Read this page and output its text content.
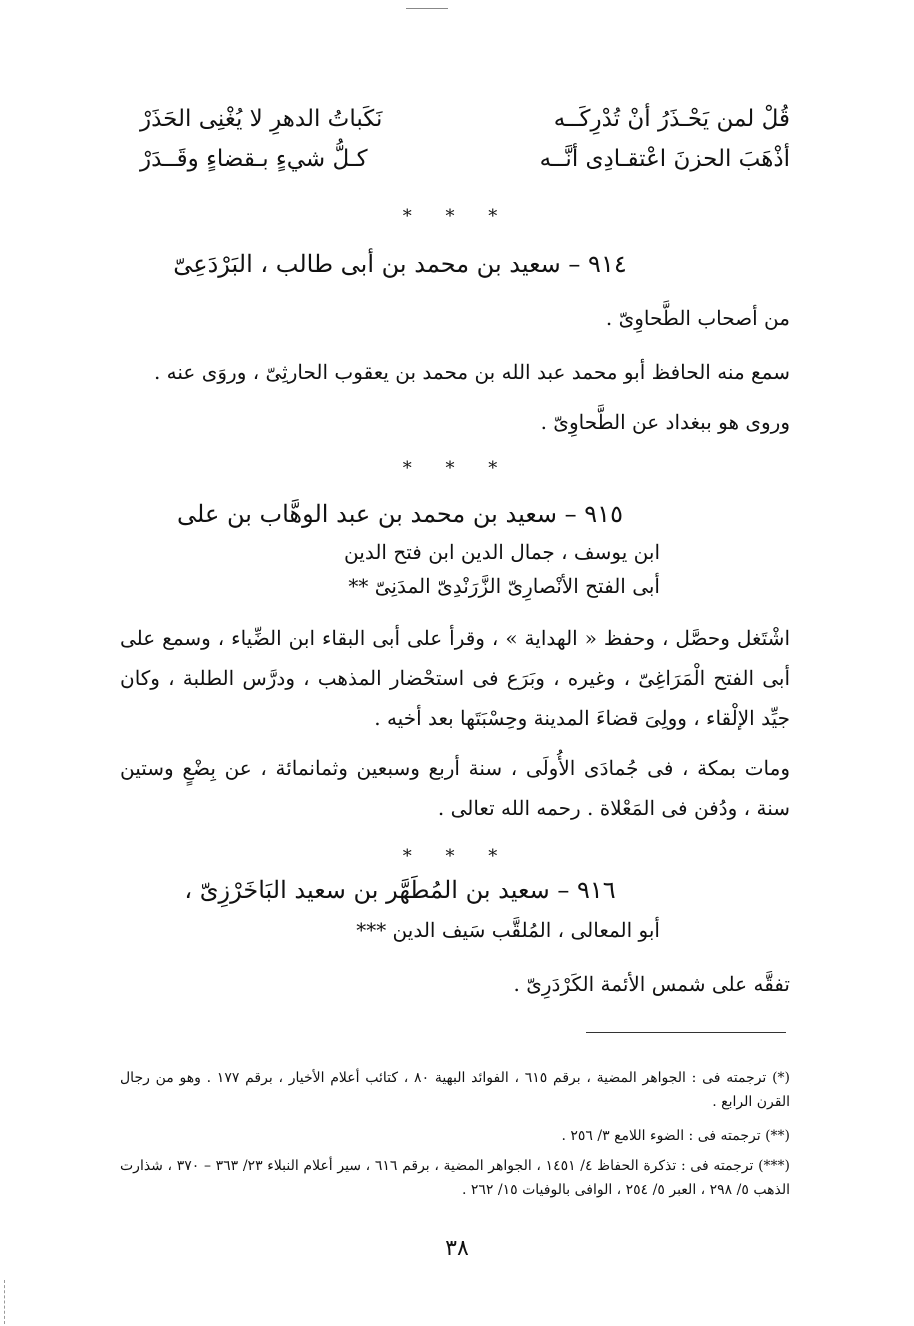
قُلْ لمن يَحْـذَرُ أنْ تُدْرِكَــه
نَكَباتُ الدهرِ لا يُغْنِى الحَذَرْ
أذْهَبَ الحزنَ اعْتقـادِى أنَّــه
كـلُّ شيءٍ بـقضاءٍ وقَــدَرْ
* * *
٩١٤ – سعيد بن محمد بن أبى طالب ، البَرْدَعِىّ
من أصحاب الطَّحاوِىّ .
سمع منه الحافظ أبو محمد عبد الله بن محمد بن يعقوب الحارثِىّ ، وروَى عنه .
وروى هو ببغداد عن الطَّحاوِىّ .
* * *
٩١٥ – سعيد بن محمد بن عبد الوهَّاب بن على
ابن يوسف ، جمال الدين ابن فتح الدين
أبى الفتح الأنْصارِىّ الزَّرَنْدِىّ المدَنِىّ **
اشْتَغل وحصَّل ، وحفظ « الهداية » ، وقرأ على أبى البقاء ابن الضِّياء ، وسمع على أبى الفتح الْمَرَاغِىّ ، وغيره ، وبَرَع فى استحْضار المذهب ، ودرَّس الطلبة ، وكان جيِّد الإلْقاء ، وولِىَ قضاءَ المدينة وحِسْبَتَها بعد أخيه .
ومات بمكة ، فى جُمادَى الأُولَى ، سنة أربع وسبعين وثمانمائة ، عن بِضْعٍ وستين سنة ، ودُفن فى المَعْلاة . رحمه الله تعالى .
* * *
٩١٦ – سعيد بن المُطَهَّر بن سعيد البَاخَرْزِىّ ،
أبو المعالى ، المُلقَّب سَيف الدين ***
تفقَّه على شمس الأئمة الكَرْدَرِىّ .
(*) ترجمته فى : الجواهر المضية ، برقم ٦١٥ ، الفوائد البهية ٨٠ ، كتائب أعلام الأخيار ، برقم ١٧٧ . وهو من رجال القرن الرابع .
(**) ترجمته فى : الضوء اللامع ٣/ ٢٥٦ .
(***) ترجمته فى : تذكرة الحفاظ ٤/ ١٤٥١ ، الجواهر المضية ، برقم ٦١٦ ، سير أعلام النبلاء ٢٣/ ٣٦٣ – ٣٧٠ ، شذارت الذهب ٥/ ٢٩٨ ، العبر ٥/ ٢٥٤ ، الوافى بالوفيات ١٥/ ٢٦٢ .
٣٨
